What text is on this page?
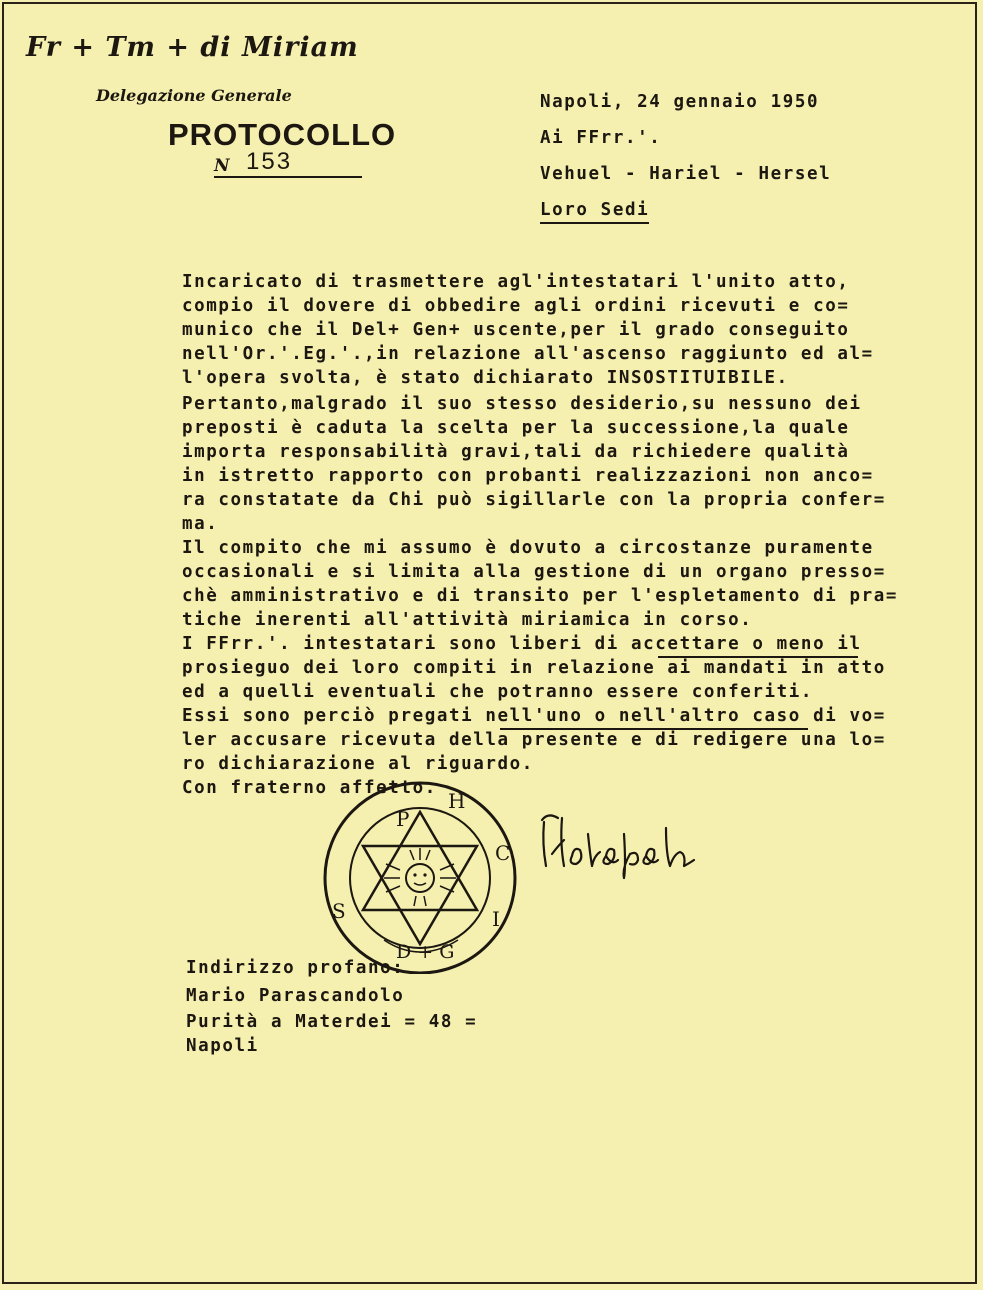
Fr + Tm + di Miriam
Delegazione Generale
PROTOCOLLO
N 153
Napoli, 24 gennaio 1950
Ai FFrr.'.
Vehuel - Hariel - Hersel
Loro Sedi
Incaricato di trasmettere agl'intestatari l'unito atto,
compio il dovere di obbedire agli ordini ricevuti e co=
munico che il Del+ Gen+ uscente,per il grado conseguito
nell'Or.'.Eg.'.,in relazione all'ascenso raggiunto ed al=
l'opera svolta, è stato dichiarato INSOSTITUIBILE.
Pertanto,malgrado il suo stesso desiderio,su nessuno dei
preposti è caduta la scelta per la successione,la quale
importa responsabilità gravi,tali da richiedere qualità
in istretto rapporto con probanti realizzazioni non anco=
ra constatate da Chi può sigillarle con la propria confer=
ma.
Il compito che mi assumo è dovuto a circostanze puramente
occasionali e si limita alla gestione di un organo presso=
chè amministrativo e di transito per l'espletamento di pra=
tiche inerenti all'attività miriamica in corso.
I FFrr.'. intestatari sono liberi di accettare o meno il
prosieguo dei loro compiti in relazione ai mandati in atto
ed a quelli eventuali che potranno essere conferiti.
Essi sono perciò pregati nell'uno o nell'altro caso di vo=
ler accusare ricevuta della presente e di redigere una lo=
ro dichiarazione al riguardo.
Con fraterno affetto.
P
H
C
S	I
D + G
Habajah
Indirizzo profano:
Mario Parascandolo
Purità a Materdei = 48 =
Napoli
